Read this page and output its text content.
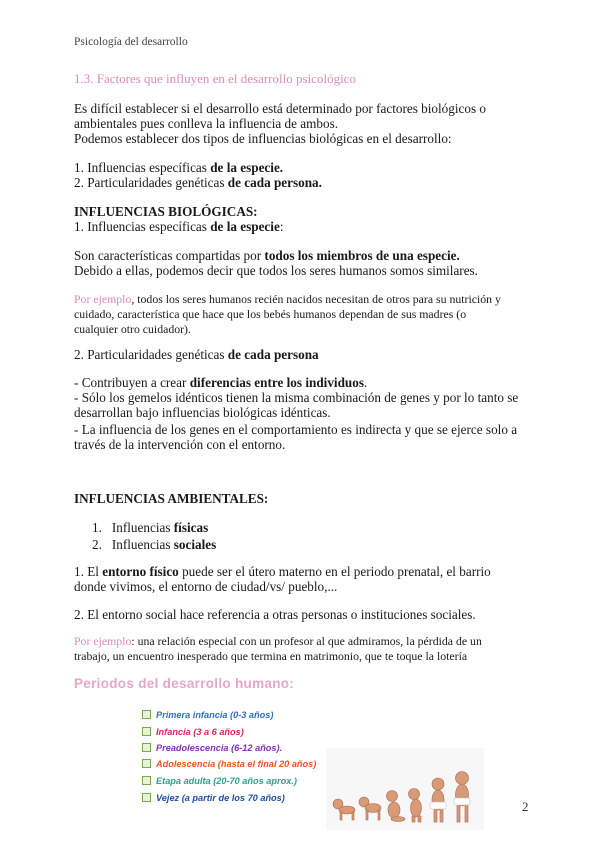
Psicología del desarrollo
1.3. Factores que influyen en el desarrollo psicológico
Es difícil establecer si el desarrollo está determinado por factores biológicos o
ambientales pues conlleva la influencia de ambos.
Podemos establecer dos tipos de influencias biológicas en el desarrollo:
1. Influencias específicas de la especie.
2. Particularidades genéticas de cada persona.
INFLUENCIAS BIOLÓGICAS:
1. Influencias específicas de la especie:
Son características compartidas por todos los miembros de una especie.
Debido a ellas, podemos decir que todos los seres humanos somos similares.
Por ejemplo, todos los seres humanos recién nacidos necesitan de otros para su nutrición y
cuidado, característica que hace que los bebés humanos dependan de sus madres (o
cualquier otro cuidador).
2. Particularidades genéticas de cada persona
- Contribuyen a crear diferencias entre los individuos.
- Sólo los gemelos idénticos tienen la misma combinación de genes y por lo tanto se
desarrollan bajo influencias biológicas idénticas.
- La influencia de los genes en el comportamiento es indirecta y que se ejerce solo a
través de la intervención con el entorno.
INFLUENCIAS AMBIENTALES:
1. Influencias físicas
2. Influencias sociales
1. El entorno físico puede ser el útero materno en el periodo prenatal, el barrio
donde vivimos, el entorno de ciudad/vs/ pueblo,...
2. El entorno social hace referencia a otras personas o instituciones sociales.
Por ejemplo: una relación especial con un profesor al que admiramos, la pérdida de un
trabajo, un encuentro inesperado que termina en matrimonio, que te toque la lotería
Periodos del desarrollo humano:
Primera infancia (0-3 años)
Infancia (3 a 6 años)
Preadolescencia (6-12 años).
Adolescencia (hasta el final 20 años)
Etapa adulta (20-70 años aprox.)
Vejez (a partir de los 70 años)
2
